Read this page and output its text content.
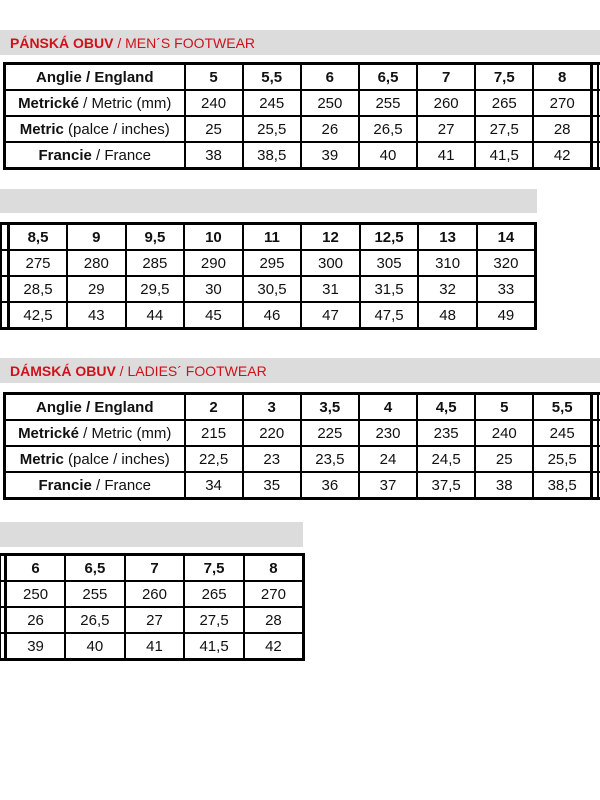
PÁNSKÁ OBUV / MEN´S FOOTWEAR
Anglie / England	5	5,5	6	6,5	7	7,5	8
Metrické / Metric (mm)	240	245	250	255	260	265	270
Metric (palce / inches)	25	25,5	26	26,5	27	27,5	28
Francie / France	38	38,5	39	40	41	41,5	42
8,5	9	9,5	10	11	12	12,5	13	14
275	280	285	290	295	300	305	310	320
28,5	29	29,5	30	30,5	31	31,5	32	33
42,5	43	44	45	46	47	47,5	48	49
DÁMSKÁ OBUV / LADIES´ FOOTWEAR
Anglie / England	2	3	3,5	4	4,5	5	5,5
Metrické / Metric (mm)	215	220	225	230	235	240	245
Metric (palce / inches)	22,5	23	23,5	24	24,5	25	25,5
Francie / France	34	35	36	37	37,5	38	38,5
6	6,5	7	7,5	8
250	255	260	265	270
26	26,5	27	27,5	28
39	40	41	41,5	42
